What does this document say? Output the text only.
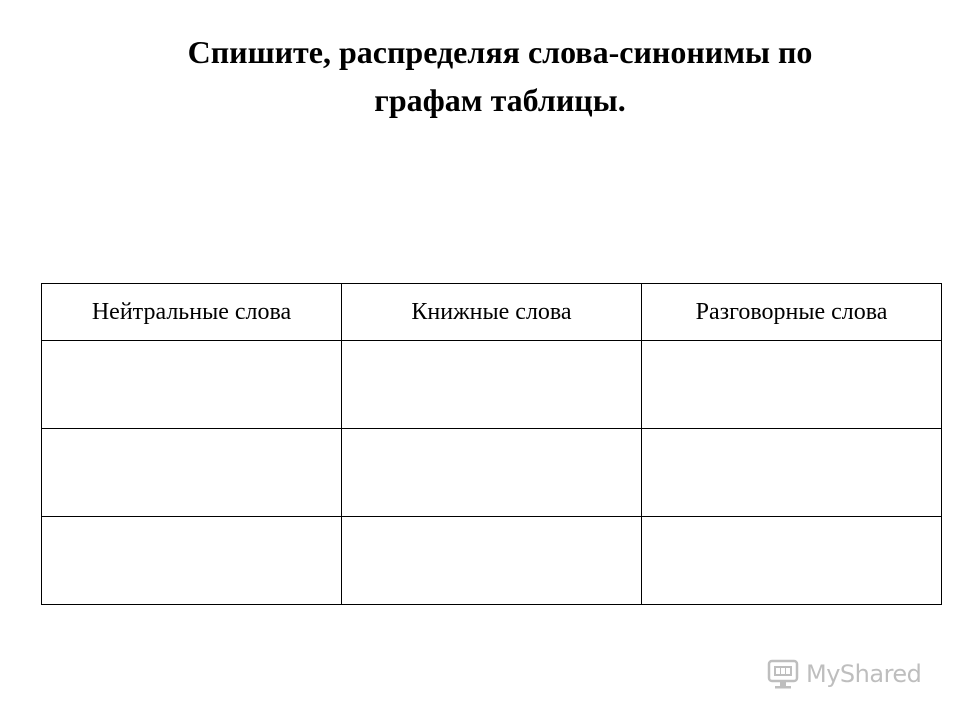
Спишите, распределяя слова-синонимы по
графам таблицы.
Нейтральные слова	Книжные слова	Разговорные слова

MyShared
